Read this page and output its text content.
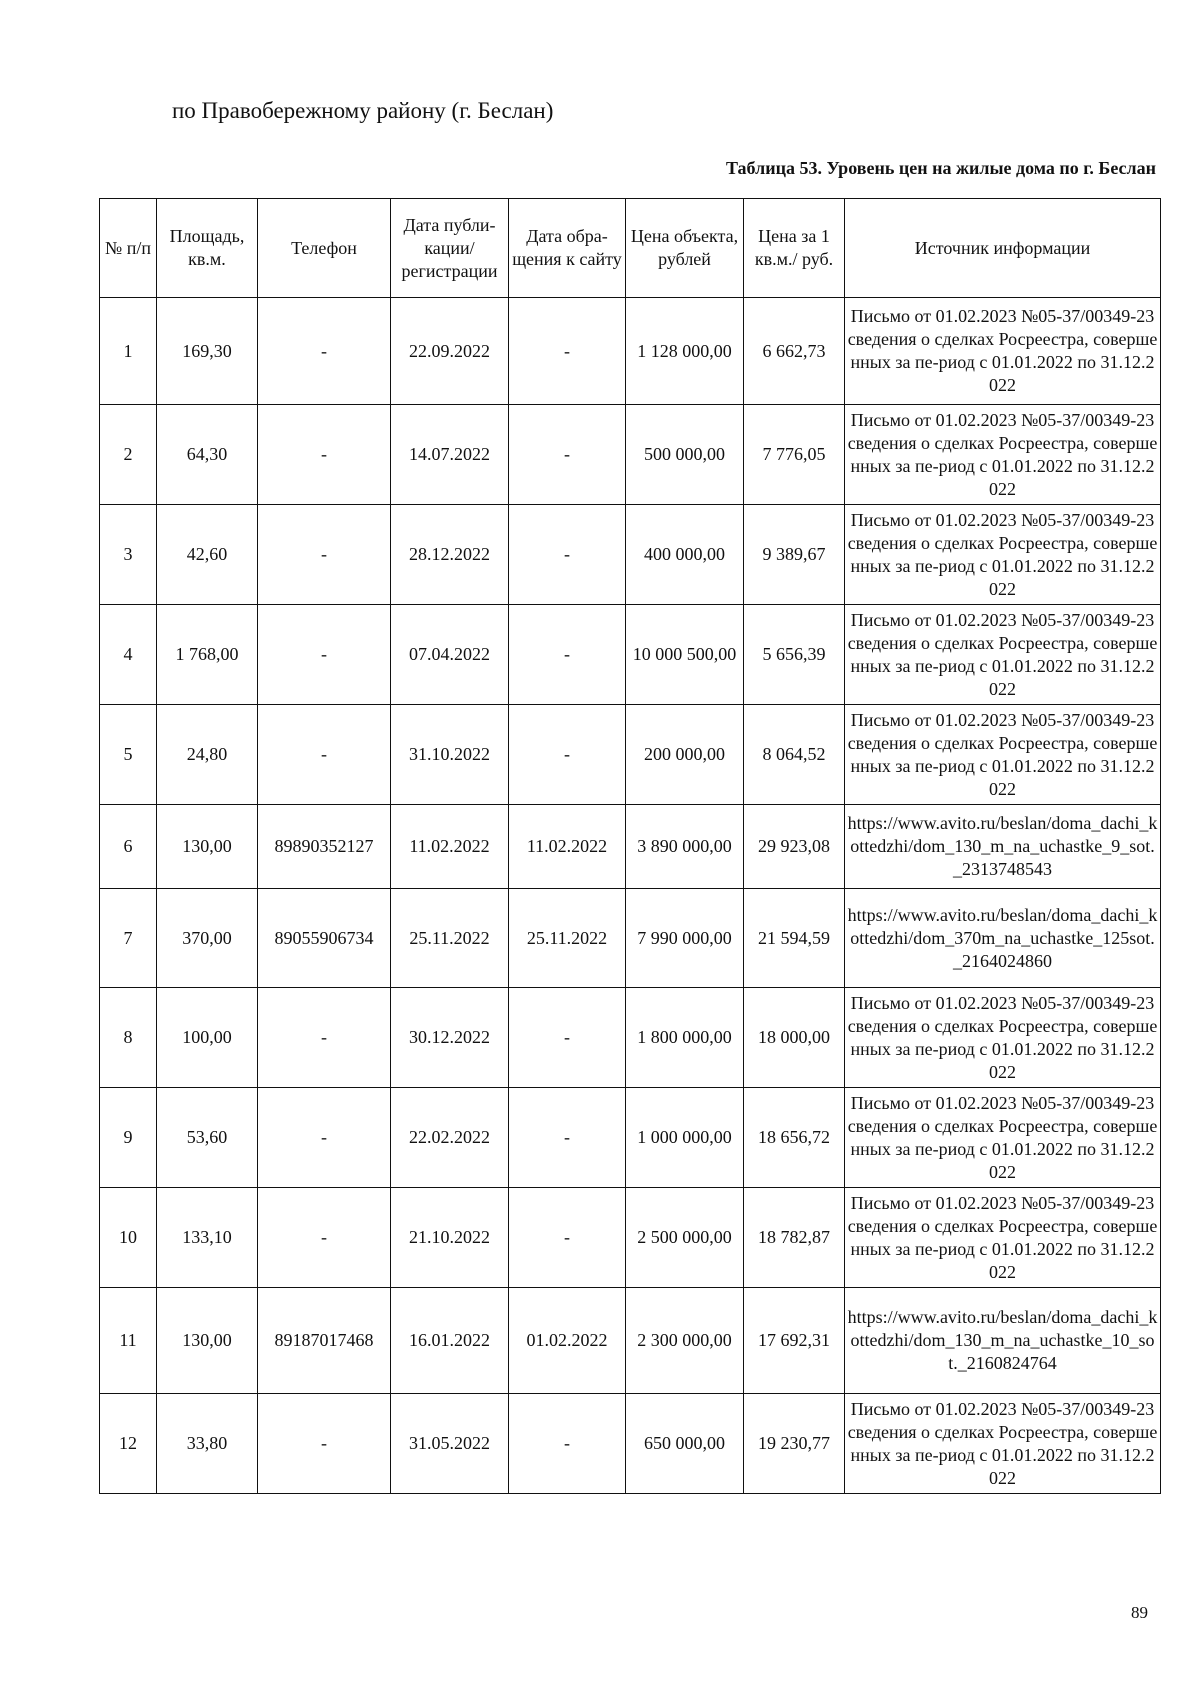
по Правобережному району (г. Беслан)
Таблица 53. Уровень цен на жилые дома по г. Беслан
№ п/п	Площадь, кв.м.	Телефон	Дата публи-кации/ регистрации	Дата обра-щения к сайту	Цена объекта, рублей	Цена за 1 кв.м./ руб.	Источник информации
1	169,30	-	22.09.2022	-	1 128 000,00	6 662,73	Письмо от 01.02.2023 №05-37/00349-23 сведения о сделках Росреестра, совершенных за пе-риод с 01.01.2022 по 31.12.2022
2	64,30	-	14.07.2022	-	500 000,00	7 776,05	Письмо от 01.02.2023 №05-37/00349-23 сведения о сделках Росреестра, совершенных за пе-риод с 01.01.2022 по 31.12.2022
3	42,60	-	28.12.2022	-	400 000,00	9 389,67	Письмо от 01.02.2023 №05-37/00349-23 сведения о сделках Росреестра, совершенных за пе-риод с 01.01.2022 по 31.12.2022
4	1 768,00	-	07.04.2022	-	10 000 500,00	5 656,39	Письмо от 01.02.2023 №05-37/00349-23 сведения о сделках Росреестра, совершенных за пе-риод с 01.01.2022 по 31.12.2022
5	24,80	-	31.10.2022	-	200 000,00	8 064,52	Письмо от 01.02.2023 №05-37/00349-23 сведения о сделках Росреестра, совершенных за пе-риод с 01.01.2022 по 31.12.2022
6	130,00	89890352127	11.02.2022	11.02.2022	3 890 000,00	29 923,08	https://www.avito.ru/beslan/doma_dachi_kottedzhi/dom_130_m_na_uchastke_9_sot._2313748543
7	370,00	89055906734	25.11.2022	25.11.2022	7 990 000,00	21 594,59	https://www.avito.ru/beslan/doma_dachi_kottedzhi/dom_370m_na_uchastke_125sot._2164024860
8	100,00	-	30.12.2022	-	1 800 000,00	18 000,00	Письмо от 01.02.2023 №05-37/00349-23 сведения о сделках Росреестра, совершенных за пе-риод с 01.01.2022 по 31.12.2022
9	53,60	-	22.02.2022	-	1 000 000,00	18 656,72	Письмо от 01.02.2023 №05-37/00349-23 сведения о сделках Росреестра, совершенных за пе-риод с 01.01.2022 по 31.12.2022
10	133,10	-	21.10.2022	-	2 500 000,00	18 782,87	Письмо от 01.02.2023 №05-37/00349-23 сведения о сделках Росреестра, совершенных за пе-риод с 01.01.2022 по 31.12.2022
11	130,00	89187017468	16.01.2022	01.02.2022	2 300 000,00	17 692,31	https://www.avito.ru/beslan/doma_dachi_kottedzhi/dom_130_m_na_uchastke_10_sot._2160824764
12	33,80	-	31.05.2022	-	650 000,00	19 230,77	Письмо от 01.02.2023 №05-37/00349-23 сведения о сделках Росреестра, совершенных за пе-риод с 01.01.2022 по 31.12.2022
89
